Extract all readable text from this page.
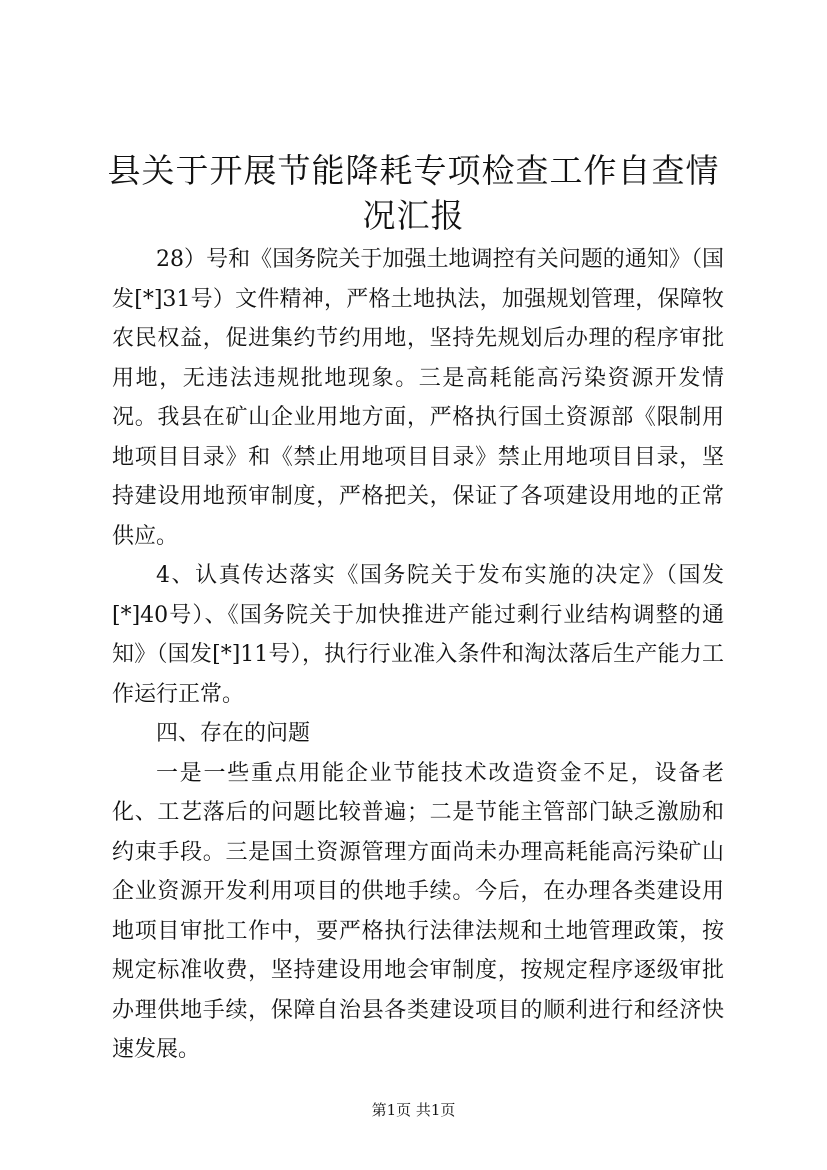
县关于开展节能降耗专项检查工作自查情况汇报

28）号和《国务院关于加强土地调控有关问题的通知》（国发[*]31号）文件精神，严格土地执法，加强规划管理，保障牧农民权益，促进集约节约用地，坚持先规划后办理的程序审批用地，无违法违规批地现象。三是高耗能高污染资源开发情况。我县在矿山企业用地方面，严格执行国土资源部《限制用地项目目录》和《禁止用地项目目录》禁止用地项目目录，坚持建设用地预审制度，严格把关，保证了各项建设用地的正常供应。

4、认真传达落实《国务院关于发布实施的决定》（国发[*]40号）、《国务院关于加快推进产能过剩行业结构调整的通知》（国发[*]11号），执行行业准入条件和淘汰落后生产能力工作运行正常。

四、存在的问题

一是一些重点用能企业节能技术改造资金不足，设备老化、工艺落后的问题比较普遍；二是节能主管部门缺乏激励和约束手段。三是国土资源管理方面尚未办理高耗能高污染矿山企业资源开发利用项目的供地手续。今后，在办理各类建设用地项目审批工作中，要严格执行法律法规和土地管理政策，按规定标准收费，坚持建设用地会审制度，按规定程序逐级审批办理供地手续，保障自治县各类建设项目的顺利进行和经济快速发展。

第1页 共1页
